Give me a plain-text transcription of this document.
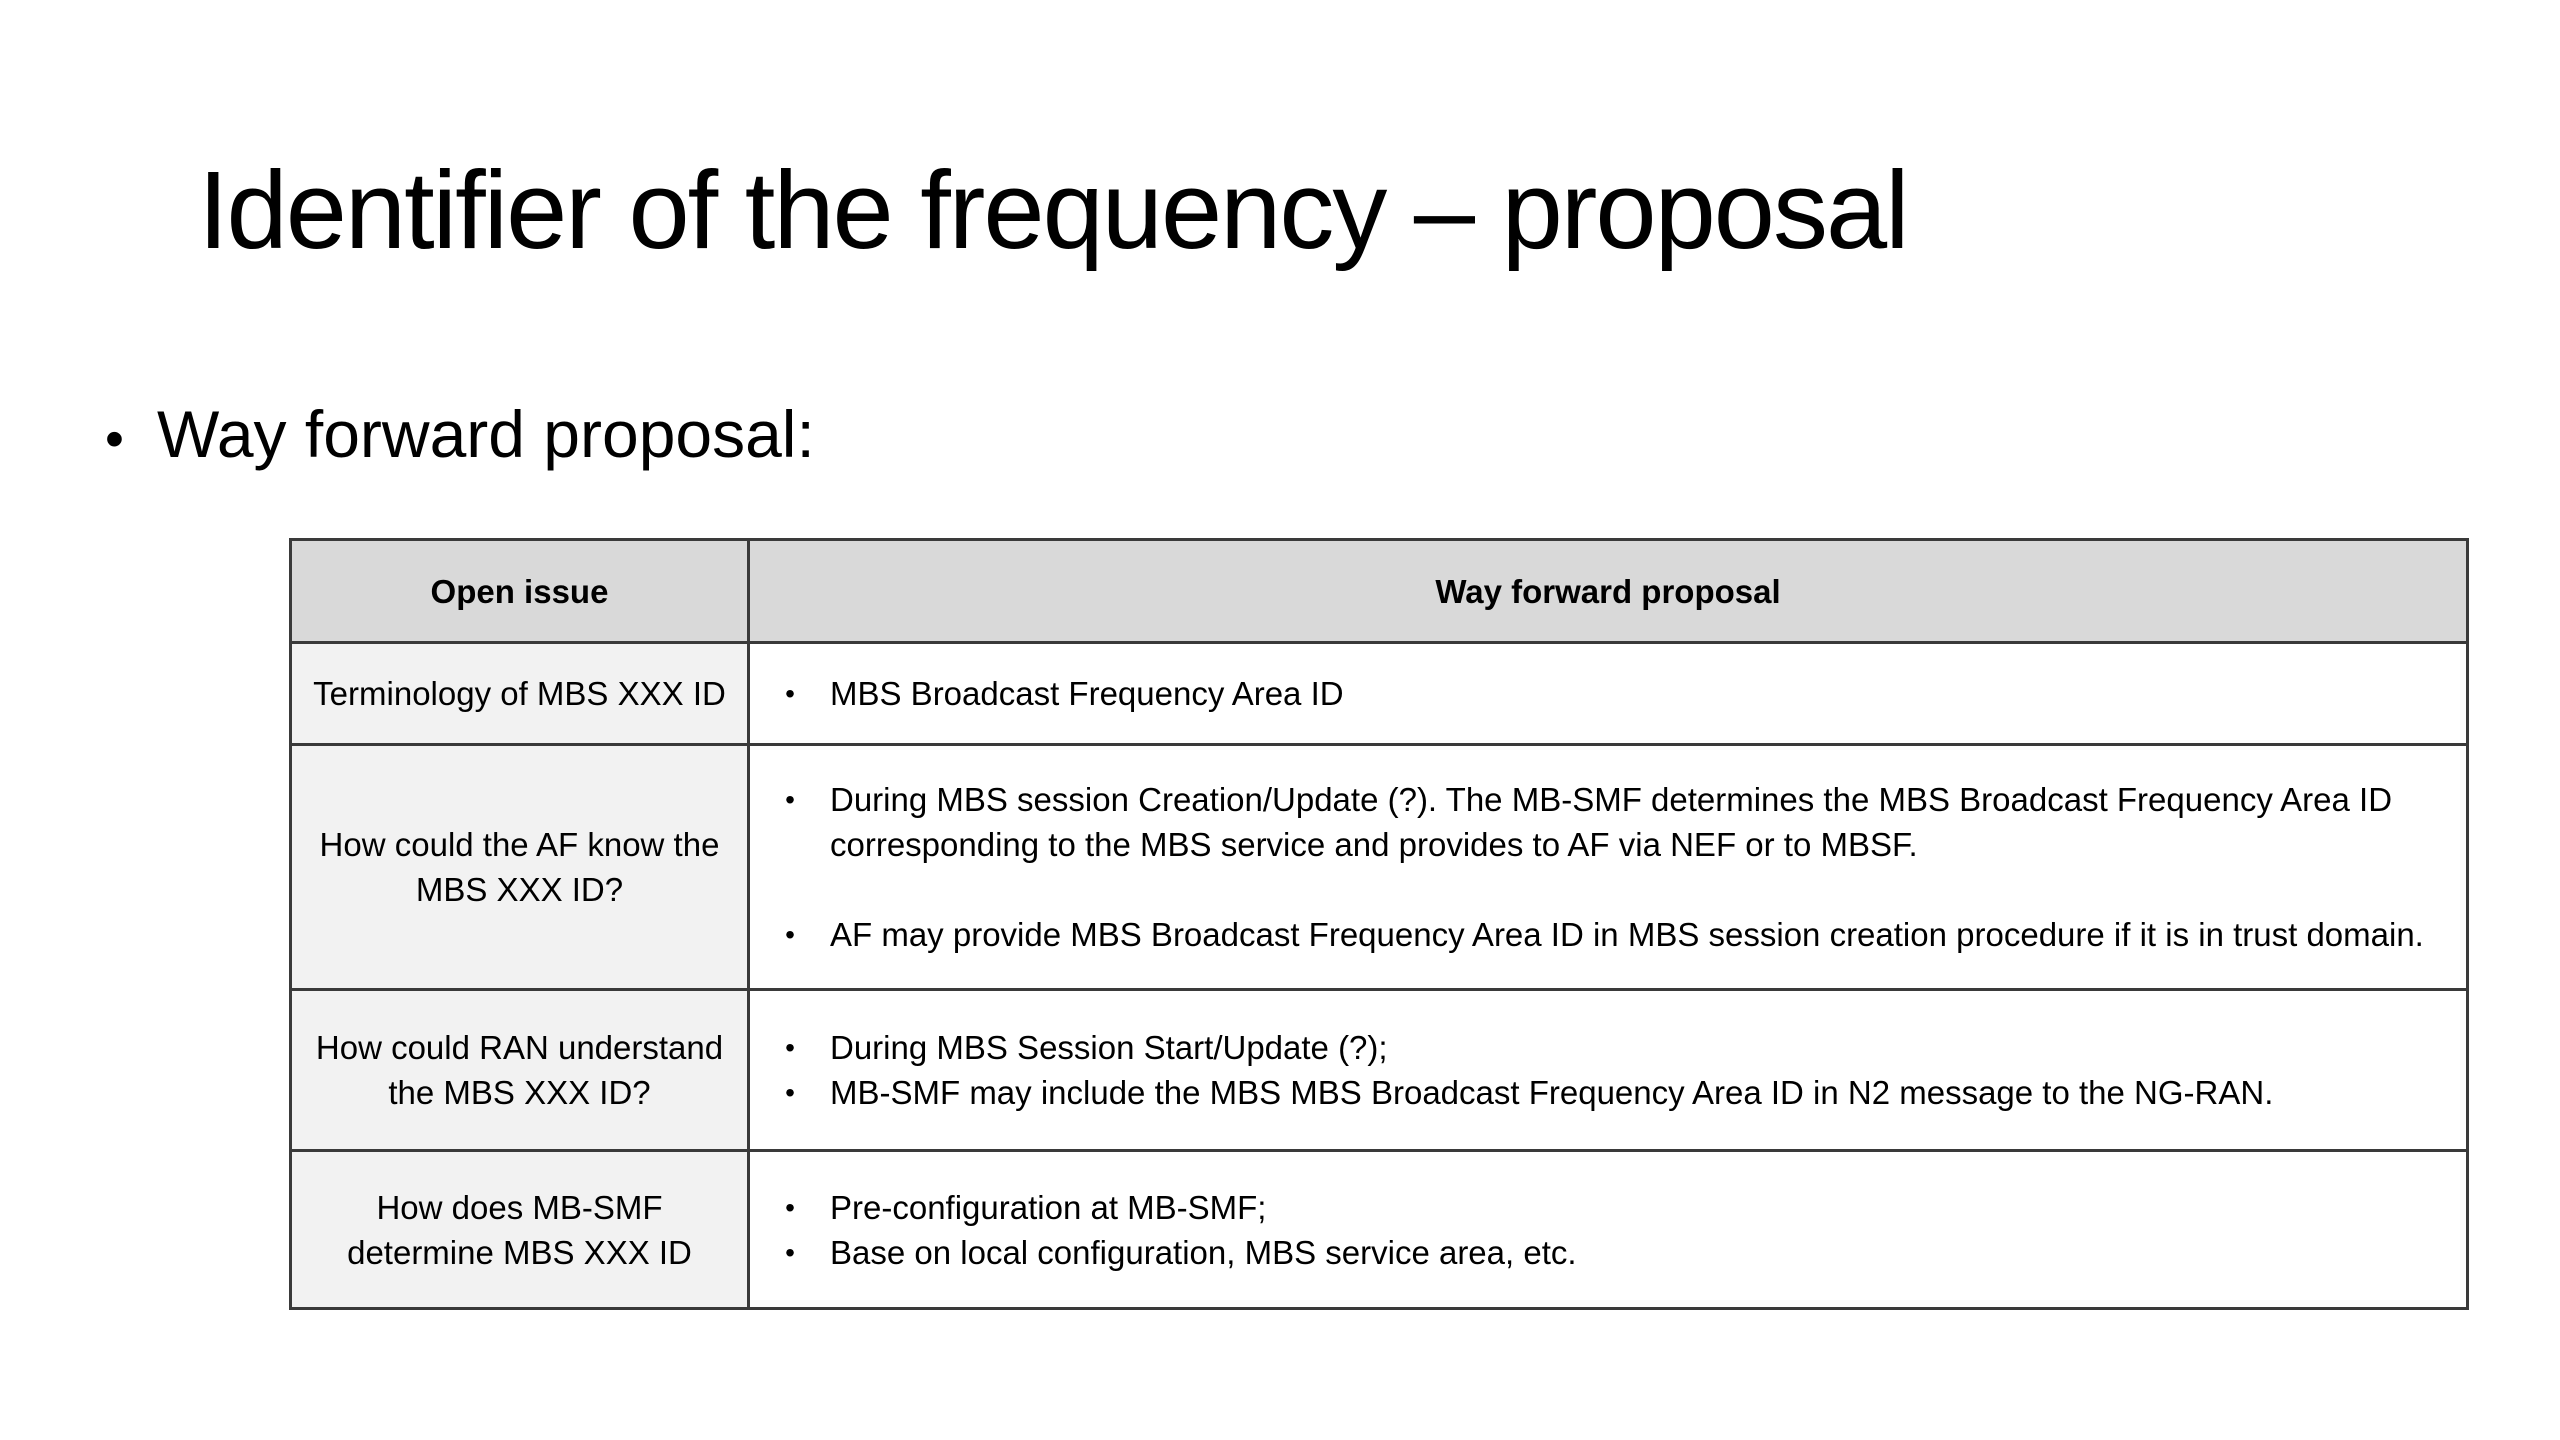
Identifier of the frequency – proposal
• Way forward proposal:
Open issue	Way forward proposal
Terminology of MBS XXX ID	• MBS Broadcast Frequency Area ID

How could the AF know the MBS XXX ID?	• During MBS session Creation/Update (?). The MB-SMF determines the MBS Broadcast Frequency Area ID corresponding to the MBS service and provides to AF via NEF or to MBSF.
• AF may provide MBS Broadcast Frequency Area ID in MBS session creation procedure if it is in trust domain.

How could RAN understand the MBS XXX ID?	• During MBS Session Start/Update (?);
• MB-SMF may include the MBS MBS Broadcast Frequency Area ID in N2 message to the NG-RAN.

How does MB-SMF determine MBS XXX ID	• Pre-configuration at MB-SMF;
• Base on local configuration, MBS service area, etc.
